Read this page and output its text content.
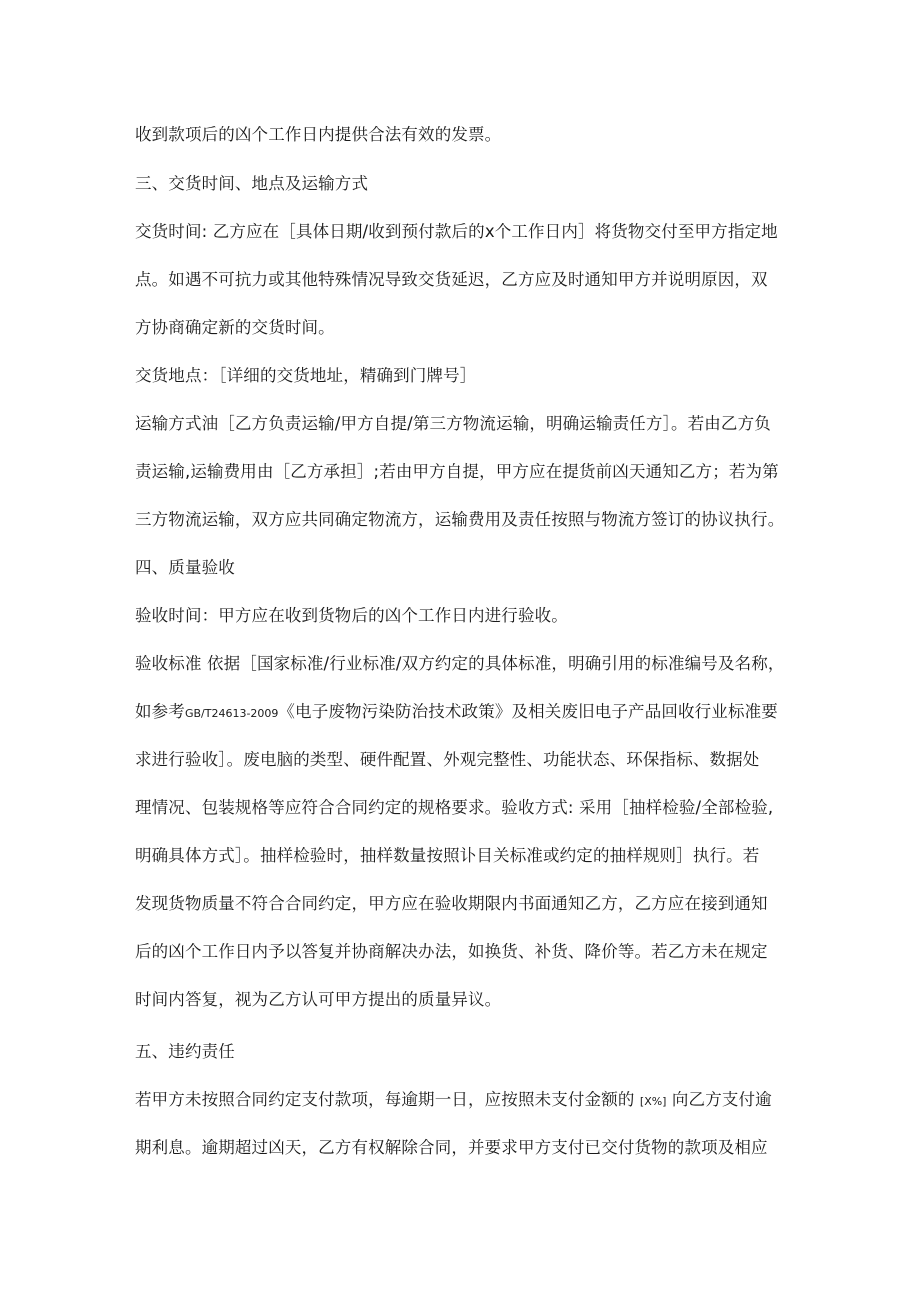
收到款项后的凶个工作日内提供合法有效的发票。
三、交货时间、地点及运输方式
交货时间: 乙方应在［具体日期/收到预付款后的x个工作日内］将货物交付至甲方指定地
点。如遇不可抗力或其他特殊情况导致交货延迟，乙方应及时通知甲方并说明原因，双
方协商确定新的交货时间。
交货地点：［详细的交货地址，精确到门牌号］
运输方式油［乙方负责运输/甲方自提/第三方物流运输，明确运输责任方］。若由乙方负
责运输,运输费用由［乙方承担］;若由甲方自提，甲方应在提货前凶天通知乙方；若为第
三方物流运输，双方应共同确定物流方，运输费用及责任按照与物流方签订的协议执行。
四、质量验收
验收时间：甲方应在收到货物后的凶个工作日内进行验收。
验收标准 依据［国家标准/行业标准/双方约定的具体标准，明确引用的标准编号及名称，
如参考GB/T24613-2009《电子废物污染防治技术政策》及相关废旧电子产品回收行业标准要
求进行验收］。废电脑的类型、硬件配置、外观完整性、功能状态、环保指标、数据处
理情况、包装规格等应符合合同约定的规格要求。验收方式: 采用［抽样检验/全部检验,
明确具体方式］。抽样检验时，抽样数量按照讣目关标准或约定的抽样规则］执行。若
发现货物质量不符合合同约定，甲方应在验收期限内书面通知乙方，乙方应在接到通知
后的凶个工作日内予以答复并协商解决办法，如换货、补货、降价等。若乙方未在规定
时间内答复，视为乙方认可甲方提出的质量异议。
五、违约责任
若甲方未按照合同约定支付款项，每逾期一日，应按照未支付金额的 [X%] 向乙方支付逾
期利息。逾期超过凶天，乙方有权解除合同，并要求甲方支付已交付货物的款项及相应
